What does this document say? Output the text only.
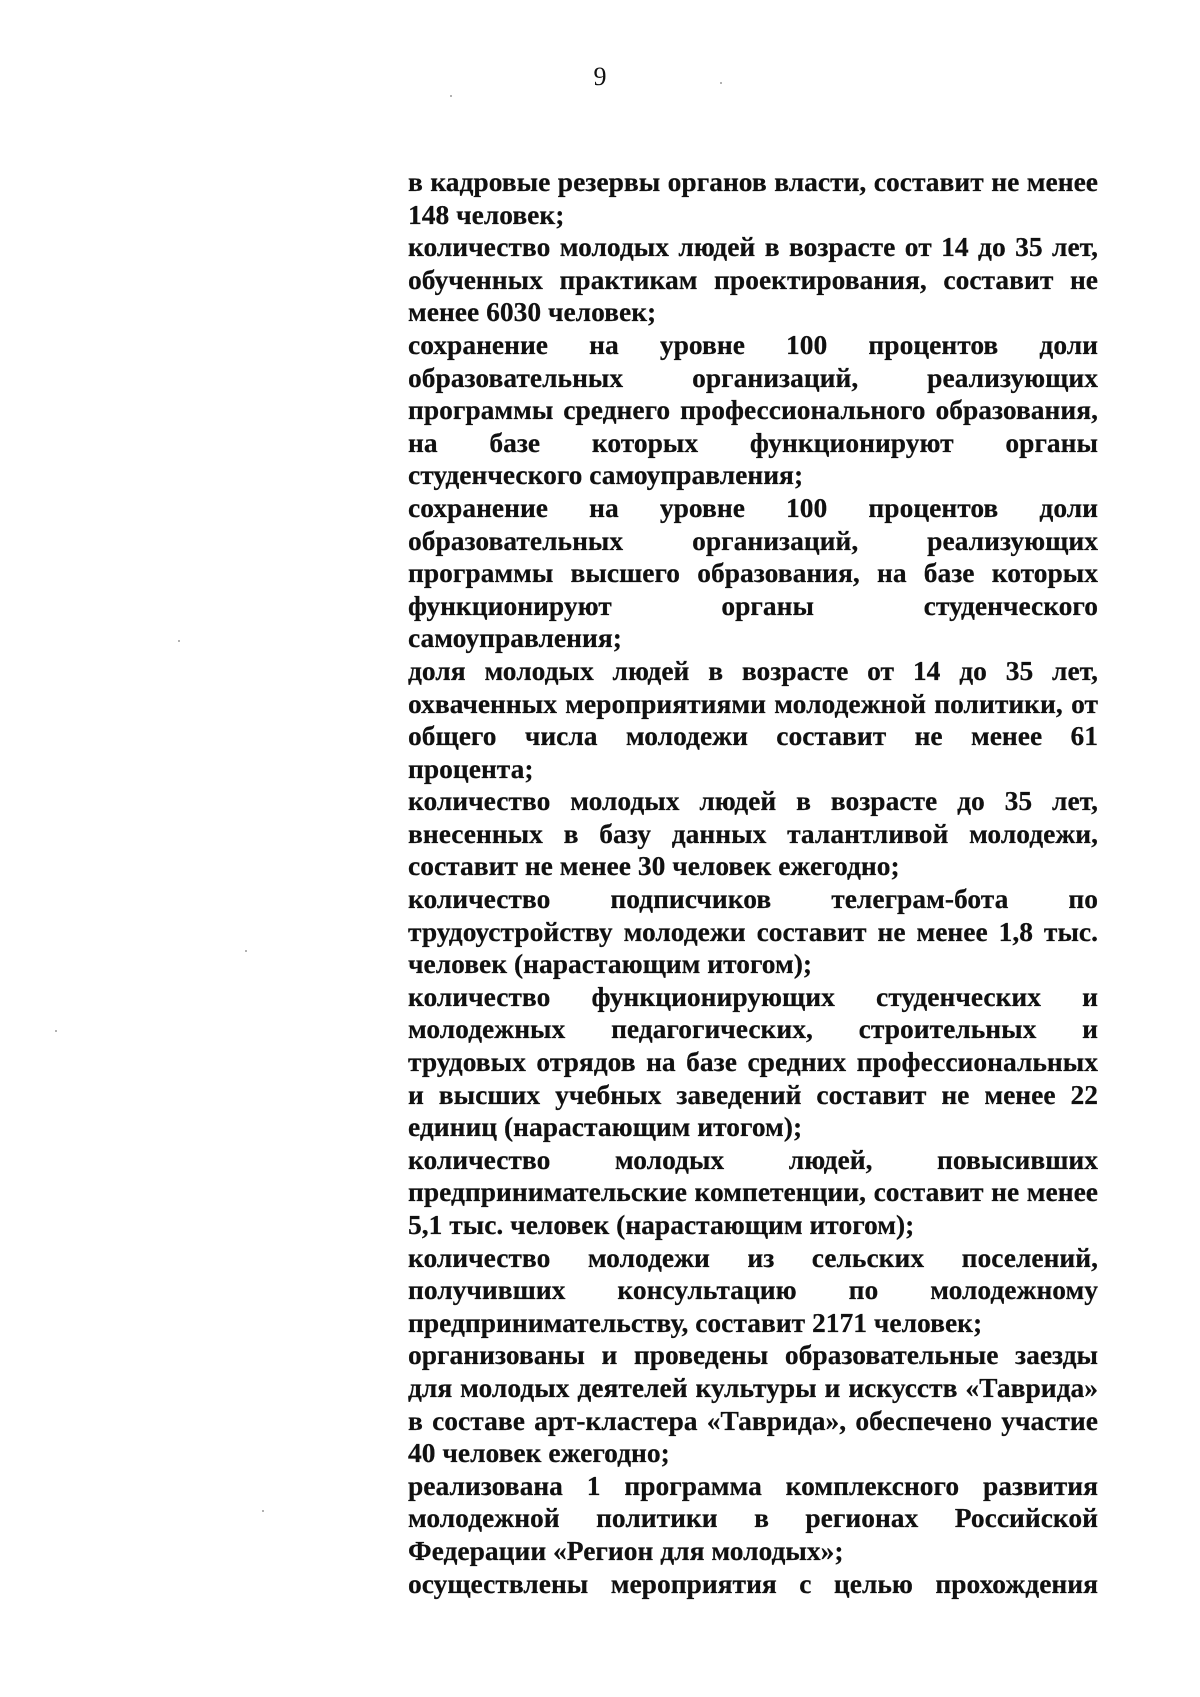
9

в кадровые резервы органов власти, составит не менее 148 человек;

количество молодых людей в возрасте от 14 до 35 лет, обученных практикам проектирования, составит не менее 6030 человек;

сохранение на уровне 100 процентов доли образовательных организаций, реализующих программы среднего профессионального образования, на базе которых функционируют органы студенческого самоуправления;

сохранение на уровне 100 процентов доли образовательных организаций, реализующих программы высшего образования, на базе которых функционируют органы студенческого самоуправления;

доля молодых людей в возрасте от 14 до 35 лет, охваченных мероприятиями молодежной политики, от общего числа молодежи составит не менее 61 процента;

количество молодых людей в возрасте до 35 лет, внесенных в базу данных талантливой молодежи, составит не менее 30 человек ежегодно;

количество подписчиков телеграм-бота по трудоустройству молодежи составит не менее 1,8 тыс. человек (нарастающим итогом);

количество функционирующих студенческих и молодежных педагогических, строительных и трудовых отрядов на базе средних профессиональных и высших учебных заведений составит не менее 22 единиц (нарастающим итогом);

количество молодых людей, повысивших предпринимательские компетенции, составит не менее 5,1 тыс. человек (нарастающим итогом);

количество молодежи из сельских поселений, получивших консультацию по молодежному предпринимательству, составит 2171 человек;

организованы и проведены образовательные заезды для молодых деятелей культуры и искусств «Таврида» в составе арт-кластера «Таврида», обеспечено участие 40 человек ежегодно;

реализована 1 программа комплексного развития молодежной политики в регионах Российской Федерации «Регион для молодых»;

осуществлены мероприятия с целью прохождения
